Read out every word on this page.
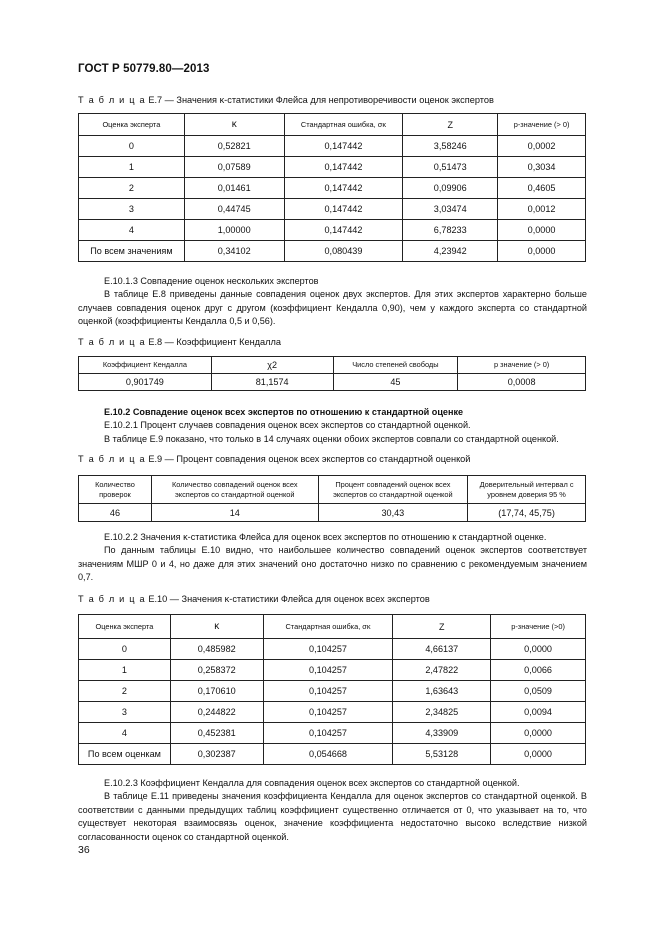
ГОСТ Р 50779.80—2013
Т а б л и ц а Е.7 — Значения κ-статистики Флейса для непротиворечивости оценок экспертов
Оценка эксперта	κ	Стандартная ошибка, σκ	Z	p-значение (> 0)
0	0,52821	0,147442	3,58246	0,0002
1	0,07589	0,147442	0,51473	0,3034
2	0,01461	0,147442	0,09906	0,4605
3	0,44745	0,147442	3,03474	0,0012
4	1,00000	0,147442	6,78233	0,0000
По всем значениям	0,34102	0,080439	4,23942	0,0000

Е.10.1.3 Совпадение оценок нескольких экспертов

В таблице Е.8 приведены данные совпадения оценок двух экспертов. Для этих экспертов характерно больше случаев совпадения оценок друг с другом (коэффициент Кендалла 0,90), чем у каждого эксперта со стандартной оценкой (коэффициенты Кендалла 0,5 и 0,56).

Т а б л и ц а Е.8 — Коэффициент Кендалла
Коэффициент Кендалла	χ2	Число степеней свободы	p значение (> 0)
0,901749	81,1574	45	0,0008

Е.10.2 Совпадение оценок всех экспертов по отношению к стандартной оценке

Е.10.2.1 Процент случаев совпадения оценок всех экспертов со стандартной оценкой.

В таблице Е.9 показано, что только в 14 случаях оценки обоих экспертов совпали со стандартной оценкой.

Т а б л и ц а Е.9 — Процент совпадения оценок всех экспертов со стандартной оценкой
Количество проверок	Количество совпадений оценок всех экспертов со стандартной оценкой	Процент совпадений оценок всех экспертов со стандартной оценкой	Доверительный интервал с уровнем доверия 95 %
46	14	30,43	(17,74, 45,75)

Е.10.2.2 Значения κ-статистика Флейса для оценок всех экспертов по отношению к стандартной оценке.

По данным таблицы Е.10 видно, что наибольшее количество совпадений оценок экспертов соответствует значениям МШР 0 и 4, но даже для этих значений оно достаточно низко по сравнению с рекомендуемым значением 0,7.

Т а б л и ц а Е.10 — Значения κ-статистики Флейса для оценок всех экспертов
Оценка эксперта	κ	Стандартная ошибка, σκ	Z	p-значение (>0)
0	0,485982	0,104257	4,66137	0,0000
1	0,258372	0,104257	2,47822	0,0066
2	0,170610	0,104257	1,63643	0,0509
3	0,244822	0,104257	2,34825	0,0094
4	0,452381	0,104257	4,33909	0,0000
По всем оценкам	0,302387	0,054668	5,53128	0,0000

Е.10.2.3 Коэффициент Кендалла для совпадения оценок всех экспертов со стандартной оценкой.

В таблице Е.11 приведены значения коэффициента Кендалла для оценок экспертов со стандартной оценкой. В соответствии с данными предыдущих таблиц коэффициент существенно отличается от 0, что указывает на то, что существует некоторая взаимосвязь оценок, значение коэффициента недостаточно высоко вследствие низкой согласованности оценок со стандартной оценкой.

36
